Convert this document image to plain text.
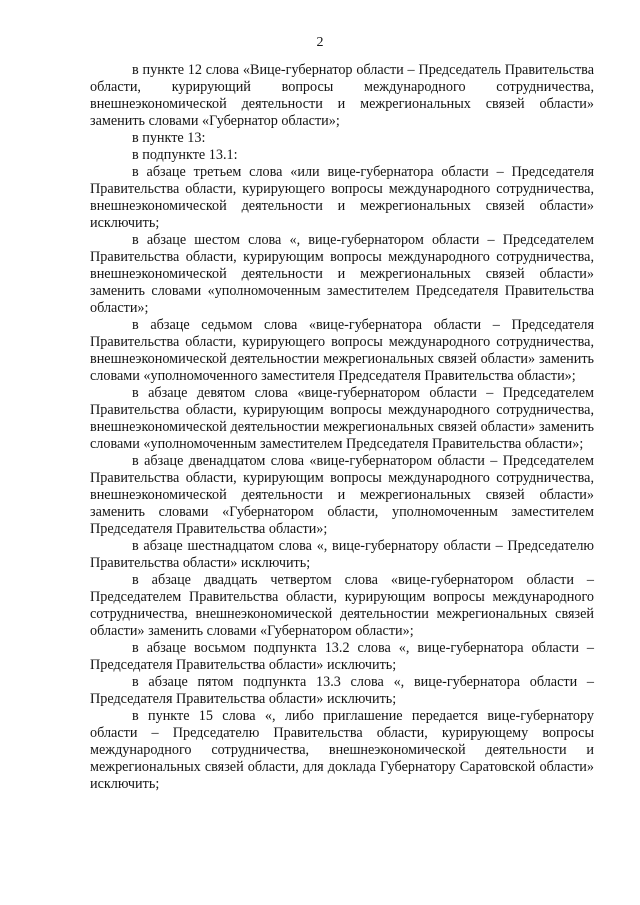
2

в пункте 12 слова «Вице-губернатор области – Председатель Правительства области, курирующий вопросы международного сотрудничества, внешнеэкономической деятельности и межрегиональных связей области» заменить словами «Губернатор области»;

в пункте 13:

в подпункте 13.1:

в абзаце третьем слова «или вице-губернатора области – Председателя Правительства области, курирующего вопросы международного сотрудничества, внешнеэкономической деятельности и межрегиональных связей области» исключить;

в абзаце шестом слова «, вице-губернатором области – Председателем Правительства области, курирующим вопросы международного сотрудничества, внешнеэкономической деятельности и межрегиональных связей области» заменить словами «уполномоченным заместителем Председателя Правительства области»;

в абзаце седьмом слова «вице-губернатора области – Председателя Правительства области, курирующего вопросы международного сотрудничества, внешнеэкономической деятельностии межрегиональных связей области» заменить словами «уполномоченного заместителя Председателя Правительства области»;

в абзаце девятом слова «вице-губернатором области – Председателем Правительства области, курирующим вопросы международного сотрудничества, внешнеэкономической деятельностии межрегиональных связей области» заменить словами «уполномоченным заместителем Председателя Правительства области»;

в абзаце двенадцатом слова «вице-губернатором области – Председателем Правительства области, курирующим вопросы международного сотрудничества, внешнеэкономической деятельности и межрегиональных связей области» заменить словами «Губернатором области, уполномоченным заместителем Председателя Правительства области»;

в абзаце шестнадцатом слова «, вице-губернатору области – Председателю Правительства области» исключить;

в абзаце двадцать четвертом слова «вице-губернатором области – Председателем Правительства области, курирующим вопросы международного сотрудничества, внешнеэкономической деятельностии межрегиональных связей области» заменить словами «Губернатором области»;

в абзаце восьмом подпункта 13.2 слова «, вице-губернатора области – Председателя Правительства области» исключить;

в абзаце пятом подпункта 13.3 слова «, вице-губернатора области – Председателя Правительства области» исключить;

в пункте 15 слова «, либо приглашение передается вице-губернатору области – Председателю Правительства области, курирующему вопросы международного сотрудничества, внешнеэкономической деятельности и межрегиональных связей области, для доклада Губернатору Саратовской области» исключить;
